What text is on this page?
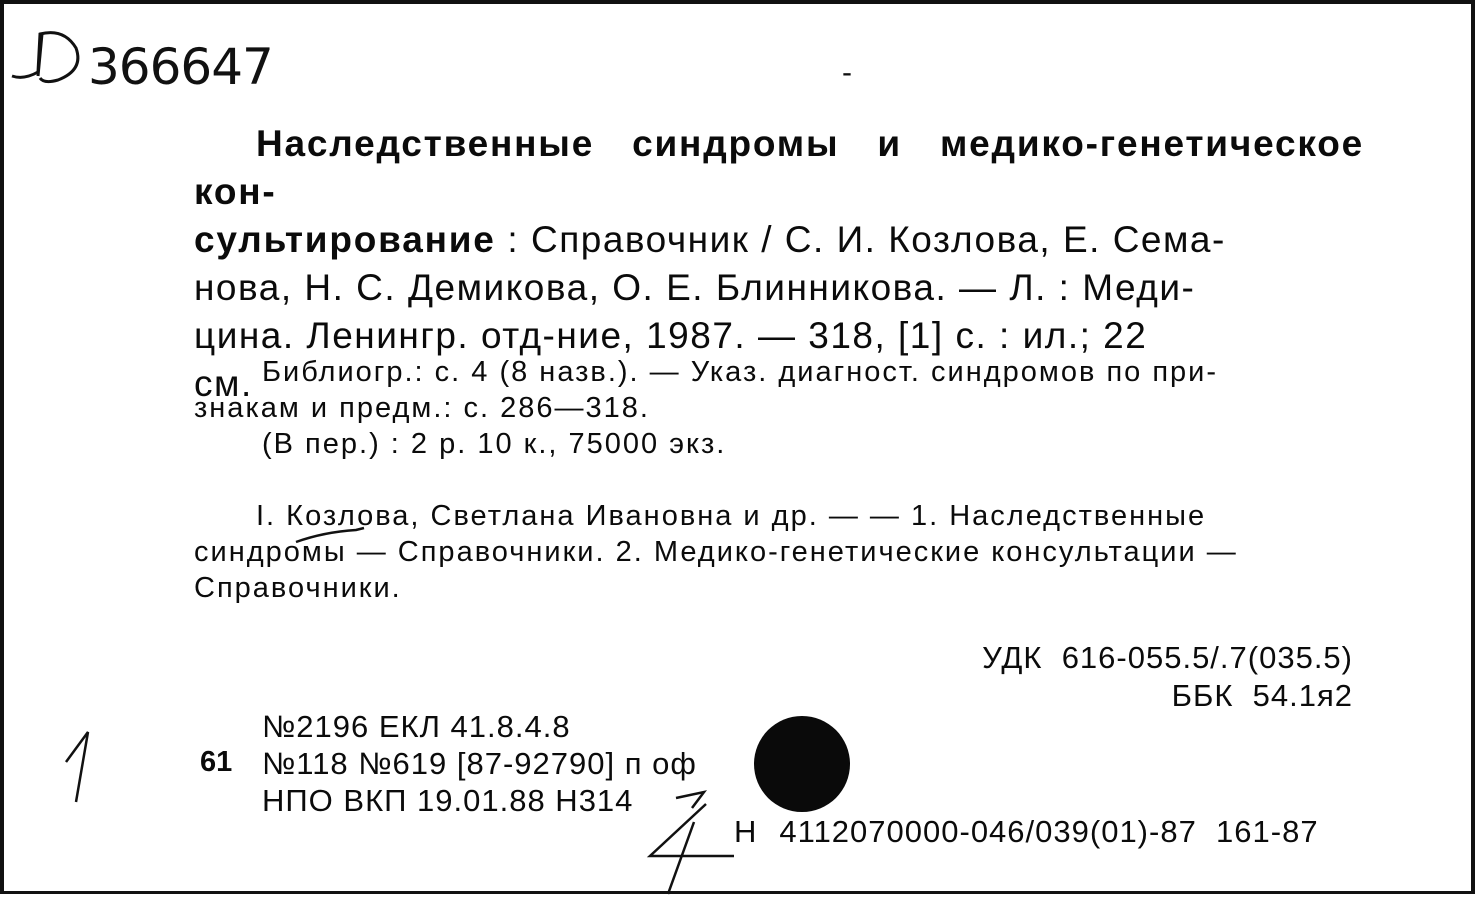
366647	-
Наследственные синдромы и медико-генетическое кон-
сультирование : Справочник / С. И. Козлова, Е. Сема-
нова, Н. С. Демикова, О. Е. Блинникова. — Л. : Меди-
цина. Ленингр. отд-ние, 1987. — 318, [1] с. : ил.; 22
см. Библиогр.: с. 4 (8 назв.). — Указ. диагност. синдромов по при-

знакам и предм.: с. 286—318.

(В пер.) : 2 р. 10 к., 75000 экз.
I. Козлова, Светлана Ивановна и др. — — 1. Наследственные
синдромы — Справочники. 2. Медико-генетические консультации —
Справочники.
УДК  616-055.5/.7(035.5)
ББК  54.1я2
61
№2196 ЕКЛ 41.8.4.8
№118 №619 [87-92790] п оф
НПО ВКП 19.01.88 Н314
Н 4112070000-046/039(01)-87  161-87
